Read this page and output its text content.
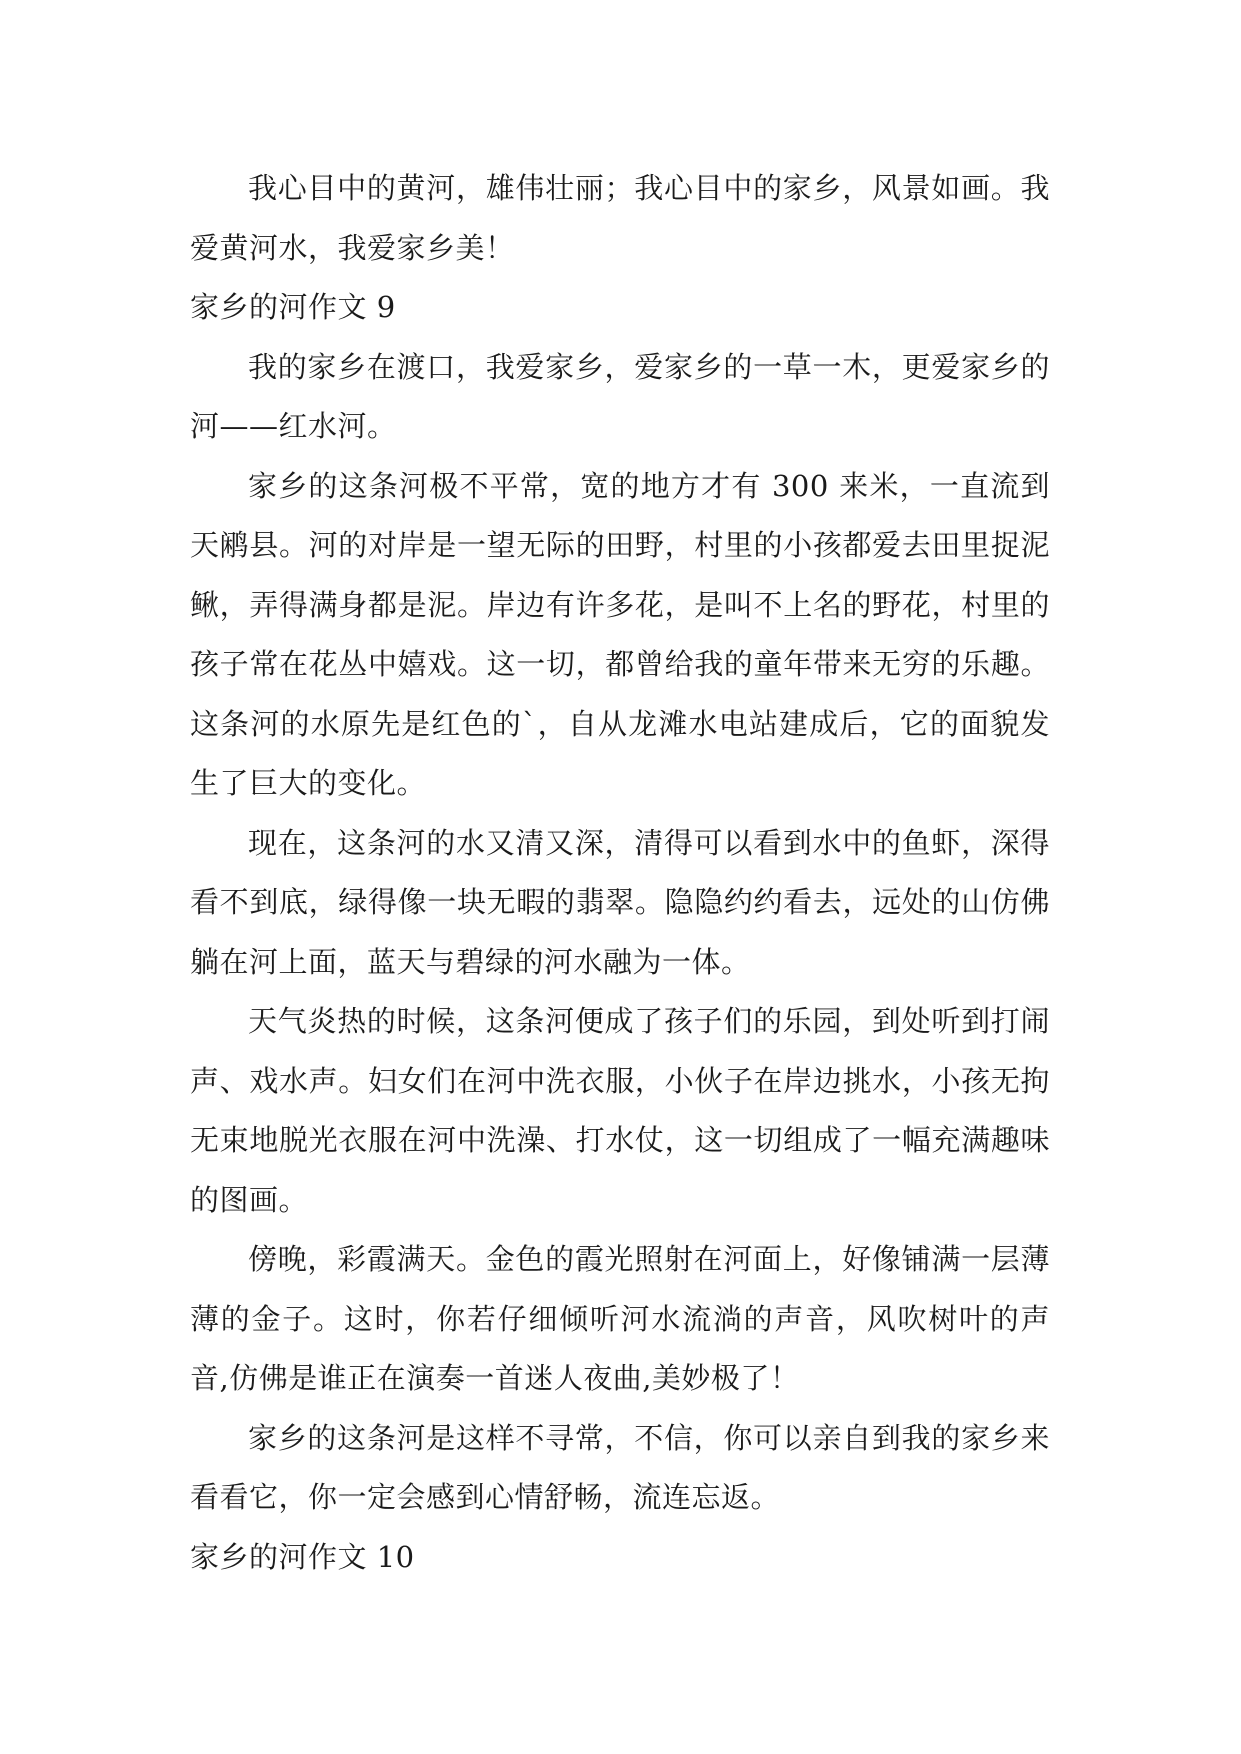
我心目中的黄河，雄伟壮丽；我心目中的家乡，风景如画。我爱黄河水，我爱家乡美！

家乡的河作文 9

我的家乡在渡口，我爱家乡，爱家乡的一草一木，更爱家乡的河——红水河。

家乡的这条河极不平常，宽的地方才有 300 来米，一直流到天鹇县。河的对岸是一望无际的田野，村里的小孩都爱去田里捉泥鳅，弄得满身都是泥。岸边有许多花，是叫不上名的野花，村里的孩子常在花丛中嬉戏。这一切，都曾给我的童年带来无穷的乐趣。这条河的水原先是红色的`，自从龙滩水电站建成后，它的面貌发生了巨大的变化。

现在，这条河的水又清又深，清得可以看到水中的鱼虾，深得看不到底，绿得像一块无暇的翡翠。隐隐约约看去，远处的山仿佛躺在河上面，蓝天与碧绿的河水融为一体。

天气炎热的时候，这条河便成了孩子们的乐园，到处听到打闹声、戏水声。妇女们在河中洗衣服，小伙子在岸边挑水，小孩无拘无束地脱光衣服在河中洗澡、打水仗，这一切组成了一幅充满趣味的图画。

傍晚，彩霞满天。金色的霞光照射在河面上，好像铺满一层薄薄的金子。这时，你若仔细倾听河水流淌的声音，风吹树叶的声音,仿佛是谁正在演奏一首迷人夜曲,美妙极了！

家乡的这条河是这样不寻常，不信，你可以亲自到我的家乡来看看它，你一定会感到心情舒畅，流连忘返。

家乡的河作文 10
